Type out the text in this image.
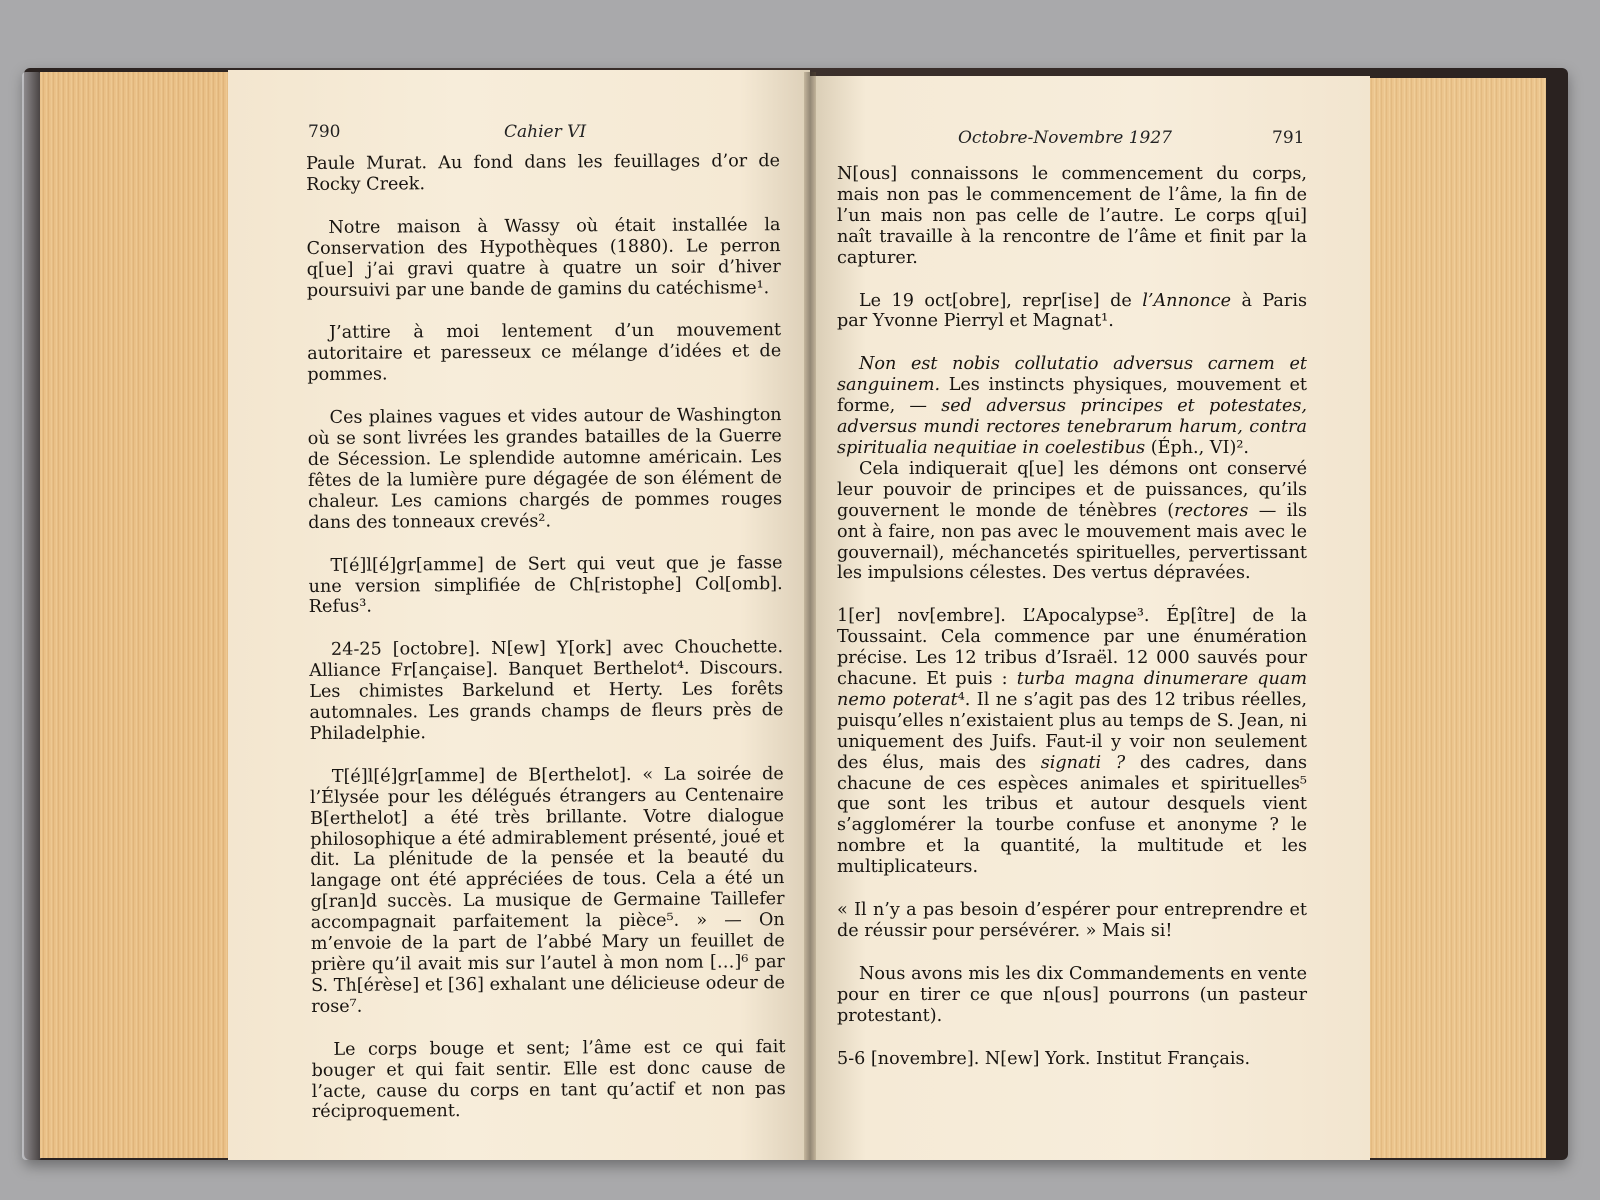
790	Cahier VI

Paule Murat. Au fond dans les feuillages d’or de Rocky Creek.

Notre maison à Wassy où était installée la Conservation des Hypothèques (1880). Le perron q[ue] j’ai gravi quatre à quatre un soir d’hiver poursuivi par une bande de gamins du catéchisme¹.

J’attire à moi lentement d’un mouvement autoritaire et paresseux ce mélange d’idées et de pommes.

Ces plaines vagues et vides autour de Washington où se sont livrées les grandes batailles de la Guerre de Sécession. Le splendide automne américain. Les fêtes de la lumière pure dégagée de son élément de chaleur. Les camions chargés de pommes rouges dans des tonneaux crevés².

T[é]l[é]gr[amme] de Sert qui veut que je fasse une version simplifiée de Ch[ristophe] Col[omb]. Refus³.

24-25 [octobre]. N[ew] Y[ork] avec Chouchette. Alliance Fr[ançaise]. Banquet Berthelot⁴. Discours. Les chimistes Barkelund et Herty. Les forêts automnales. Les grands champs de fleurs près de Philadelphie.

T[é]l[é]gr[amme] de B[erthelot]. « La soirée de l’Élysée pour les délégués étrangers au Centenaire B[erthelot] a été très brillante. Votre dialogue philosophique a été admirablement présenté, joué et dit. La plénitude de la pensée et la beauté du langage ont été appréciées de tous. Cela a été un g[ran]d succès. La musique de Germaine Taillefer accompagnait parfaitement la pièce⁵. » — On m’envoie de la part de l’abbé Mary un feuillet de prière qu’il avait mis sur l’autel à mon nom […]⁶ par S. Th[érèse] et [36] exhalant une délicieuse odeur de rose⁷.

Le corps bouge et sent; l’âme est ce qui fait bouger et qui fait sentir. Elle est donc cause de l’acte, cause du corps en tant qu’actif et non pas réciproquement.

Octobre-Novembre 1927	791

N[ous] connaissons le commencement du corps, mais non pas le commencement de l’âme, la fin de l’un mais non pas celle de l’autre. Le corps q[ui] naît travaille à la rencontre de l’âme et finit par la capturer.

Le 19 oct[obre], repr[ise] de l’Annonce à Paris par Yvonne Pierryl et Magnat¹.

Non est nobis collutatio adversus carnem et sanguinem. Les instincts physiques, mouvement et forme, — sed adversus principes et potestates, adversus mundi rectores tenebrarum harum, contra spiritualia nequitiae in coelestibus (Éph., VI)².

Cela indiquerait q[ue] les démons ont conservé leur pouvoir de principes et de puissances, qu’ils gouvernent le monde de ténèbres (rectores — ils ont à faire, non pas avec le mouvement mais avec le gouvernail), méchancetés spirituelles, pervertissant les impulsions célestes. Des vertus dépravées.

1[er] nov[embre]. L’Apocalypse³. Ép[ître] de la Toussaint. Cela commence par une énumération précise. Les 12 tribus d’Israël. 12 000 sauvés pour chacune. Et puis : turba magna dinumerare quam nemo poterat⁴. Il ne s’agit pas des 12 tribus réelles, puisqu’elles n’existaient plus au temps de S. Jean, ni uniquement des Juifs. Faut-il y voir non seulement des élus, mais des signati ? des cadres, dans chacune de ces espèces animales et spirituelles⁵ que sont les tribus et autour desquels vient s’agglomérer la tourbe confuse et anonyme ? le nombre et la quantité, la multitude et les multiplicateurs.

« Il n’y a pas besoin d’espérer pour entreprendre et de réussir pour persévérer. » Mais si!

Nous avons mis les dix Commandements en vente pour en tirer ce que n[ous] pourrons (un pasteur protestant).

5-6 [novembre]. N[ew] York. Institut Français.
